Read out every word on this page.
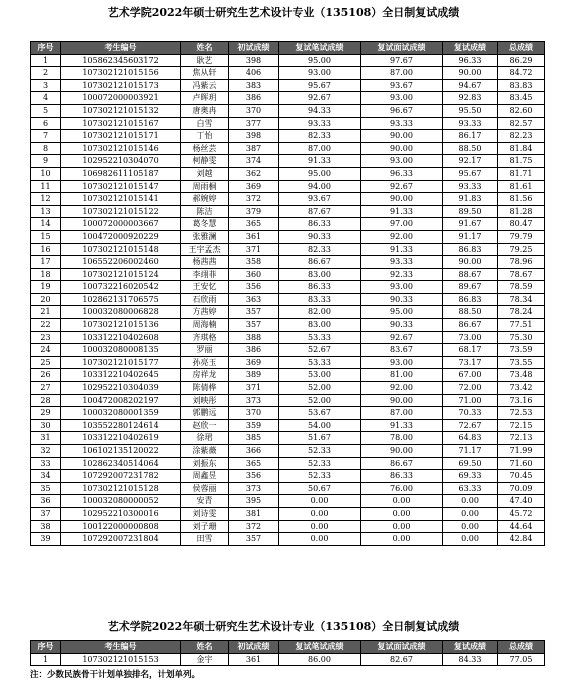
艺术学院2022年硕士研究生艺术设计专业（135108）全日制复试成绩
序号	考生编号	姓名	初试成绩	复试笔试成绩	复试面试成绩	复试成绩	总成绩
1	105862345603172	耿艺	398	95.00	97.67	96.33	86.29
2	107302121015156	焦从轩	406	93.00	87.00	90.00	84.72
3	107302121015173	冯紫云	383	95.67	93.67	94.67	83.83
4	100072000003921	卢晖玥	386	92.67	93.00	92.83	83.45
5	107302121015132	唐奥冉	370	94.33	96.67	95.50	82.60
6	107302121015167	白雪	377	93.33	93.33	93.33	82.57
7	107302121015171	丁怡	398	82.33	90.00	86.17	82.23
8	107302121015146	杨丝芸	387	87.00	90.00	88.50	81.84
9	102952210304070	柯静雯	374	91.33	93.00	92.17	81.75
10	106982611105187	刘越	362	95.00	96.33	95.67	81.71
11	107302121015147	周雨桐	369	94.00	92.67	93.33	81.61
12	107302121015141	郝婉婷	372	93.67	90.00	91.83	81.56
13	107302121015122	陈洁	379	87.67	91.33	89.50	81.28
14	100072000003667	葛冬慧	365	86.33	97.00	91.67	80.47
15	100472000920229	张雅澜	361	90.33	92.00	91.17	79.79
16	107302121015148	王宇孟杰	371	82.33	91.33	86.83	79.25
17	106552206002460	杨茜茜	358	86.67	93.33	90.00	78.96
18	107302121015124	李翊菲	360	83.00	92.33	88.67	78.67
19	100732216020542	王安忆	356	86.33	93.00	89.67	78.59
20	102862131706575	石欣雨	363	83.33	90.33	86.83	78.34
21	100032080006828	方茜婷	357	82.00	95.00	88.50	78.24
22	107302121015136	周海楠	357	83.00	90.33	86.67	77.51
23	103312210402608	齐琪格	388	53.33	92.67	73.00	75.30
24	100032080008135	罗丽	386	52.67	83.67	68.17	73.59
25	107302121015177	孙亮玉	369	53.33	93.00	73.17	73.55
26	103312210402645	房祥龙	389	53.00	81.00	67.00	73.48
27	102952210304039	陈倩桦	371	52.00	92.00	72.00	73.42
28	100472008202197	刘映彤	373	52.00	90.00	71.00	73.16
29	100032080001359	郭鹏远	370	53.67	87.00	70.33	72.53
30	103552280124614	赵欣一	359	54.00	91.33	72.67	72.15
31	103312210402619	徐珺	385	51.67	78.00	64.83	72.13
32	106102135120022	涂紫薇	366	52.33	90.00	71.17	71.99
33	102862340514064	刘振东	365	52.33	86.67	69.50	71.60
34	107292007231782	周鑫昱	356	52.33	86.33	69.33	70.45
35	107302121015128	侯蓉丽	373	50.67	76.00	63.33	70.09
36	100032080000052	安青	395	0.00	0.00	0.00	47.40
37	102952210300016	刘诗雯	381	0.00	0.00	0.00	45.72
38	100122000000808	刘子珊	372	0.00	0.00	0.00	44.64
39	107292007231804	田雪	357	0.00	0.00	0.00	42.84
艺术学院2022年硕士研究生艺术设计专业（135108）全日制复试成绩
序号	考生编号	姓名	初试成绩	复试笔试成绩	复试面试成绩	复试成绩	总成绩
1	107302121015153	金宇	361	86.00	82.67	84.33	77.05
注：少数民族骨干计划单独排名，计划单列。
